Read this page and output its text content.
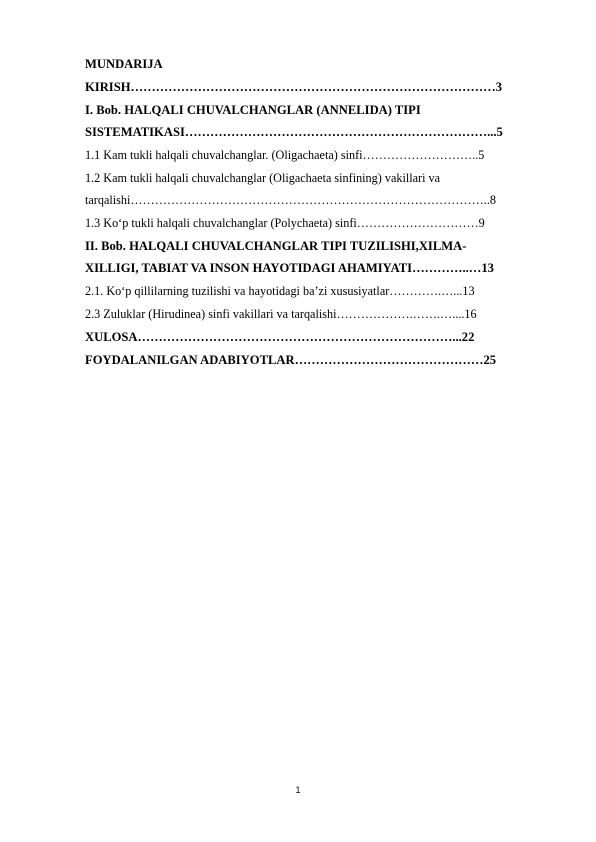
MUNDARIJA
KIRISH……………………………………………………………………………3
I. Bob. HALQALI CHUVALCHANGLAR (ANNELIDA) TIPI
SISTEMATIKASI………………………………………………………………...5
1.1 Kam tukli halqali chuvalchanglar. (Oligachaeta) sinfi………………………..5
1.2 Kam tukli halqali chuvalchanglar (Oligachaeta sinfining) vakillari va
tarqalishi……………………………………………………………………………..8
1.3 Ko‘p tukli halqali chuvalchanglar (Polychaeta) sinfi…………………………9
II. Bob. HALQALI CHUVALCHANGLAR TIPI TUZILISHI,XILMA-
XILLIGI, TABIAT VA INSON HAYOTIDAGI AHAMIYATI…………..…13
2.1. Ko‘p qillilarning tuzilishi va hayotidagi ba’zi xususiyatlar………….…...13
2.3 Zuluklar (Hirudinea) sinfi vakillari va tarqalishi……………….…….…....16
XULOSA…………………………………………………………………...22
FOYDALANILGAN ADABIYOTLAR………………………………………25
1
